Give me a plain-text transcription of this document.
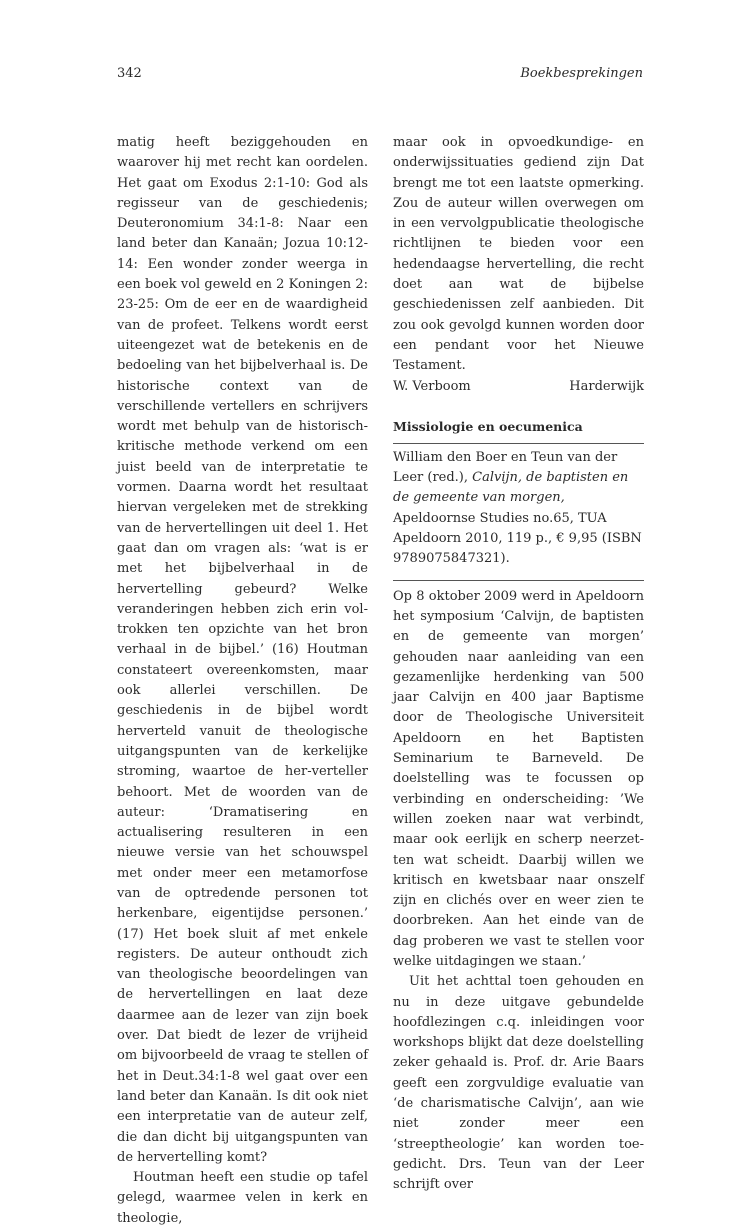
342	Boekbesprekingen

matig heeft beziggehouden en waarover hij met recht kan oordelen. Het gaat om Exodus 2:1-10: God als regisseur van de geschiedenis; Deuteronomium 34:1-8: Naar een land beter dan Kanaän; Jozua 10:12-14: Een wonder zonder weerga in een boek vol geweld en 2 Koningen 2: 23-25: Om de eer en de waardigheid van de profeet. Telkens wordt eerst uiteengezet wat de betekenis en de bedoeling van het bijbelverhaal is. De historische context van de verschillende vertellers en schrijvers wordt met behulp van de historisch-kritische methode verkend om een juist beeld van de interpretatie te vormen. Daarna wordt het resultaat hiervan vergeleken met de strekking van de hervertellingen uit deel 1. Het gaat dan om vragen als: ‘wat is er met het bijbelverhaal in de hervertelling gebeurd? Welke veranderingen hebben zich erin voltrokken ten opzichte van het bron verhaal in de bijbel.’ (16) Houtman constateert overeenkomsten, maar ook allerlei verschillen. De geschiedenis in de bijbel wordt herverteld vanuit de theologische uitgangspunten van de kerkelijke stroming, waartoe de her-verteller behoort. Met de woorden van de auteur: ‘Dramatisering en actualisering resulteren in een nieuwe versie van het schouwspel met onder meer een metamorfose van de optredende personen tot herkenbare, eigentijdse personen.’ (17) Het boek sluit af met enkele registers. De auteur onthoudt zich van theologische beoordelingen van de hervertellingen en laat deze daarmee aan de lezer van zijn boek over. Dat biedt de lezer de vrijheid om bijvoorbeeld de vraag te stellen of het in Deut.34:1-8 wel gaat over een land beter dan Kanaän. Is dit ook niet een interpretatie van de auteur zelf, die dan dicht bij uitgangspunten van de hervertelling komt?

Houtman heeft een studie op tafel gelegd, waarmee velen in kerk en theologie,

maar ook in opvoedkundige- en onderwijssituaties gediend zijn Dat brengt me tot een laatste opmerking. Zou de auteur willen overwegen om in een vervolgpublicatie theologische richtlijnen te bieden voor een hedendaagse hervertelling, die recht doet aan wat de bijbelse geschiedenissen zelf aanbieden. Dit zou ook gevolgd kunnen worden door een pendant voor het Nieuwe Testament.

W. Verboom	Harderwijk
Missiologie en oecumenica
William den Boer en Teun van der Leer (red.), Calvijn, de baptisten en de gemeente van morgen, Apeldoornse Studies no.65, TUA Apeldoorn 2010, 119 p., € 9,95 (ISBN 9789075847321).

Op 8 oktober 2009 werd in Apeldoorn het symposium ‘Calvijn, de baptisten en de gemeente van morgen’ gehouden naar aanleiding van een gezamenlijke herdenking van 500 jaar Calvijn en 400 jaar Baptisme door de Theologische Universiteit Apeldoorn en het Baptisten Seminarium te Barneveld. De doelstelling was te focussen op verbinding en onderscheiding: ’We willen zoeken naar wat verbindt, maar ook eerlijk en scherp neerzetten wat scheidt. Daarbij willen we kritisch en kwetsbaar naar onszelf zijn en clichés over en weer zien te doorbreken. Aan het einde van de dag proberen we vast te stellen voor welke uitdagingen we staan.’

Uit het achttal toen gehouden en nu in deze uitgave gebundelde hoofdlezingen c.q. inleidingen voor workshops blijkt dat deze doelstelling zeker gehaald is. Prof. dr. Arie Baars geeft een zorgvuldige evaluatie van ‘de charismatische Calvijn’, aan wie niet zonder meer een ‘streeptheologie’ kan worden toegedicht. Drs. Teun van der Leer schrijft over
